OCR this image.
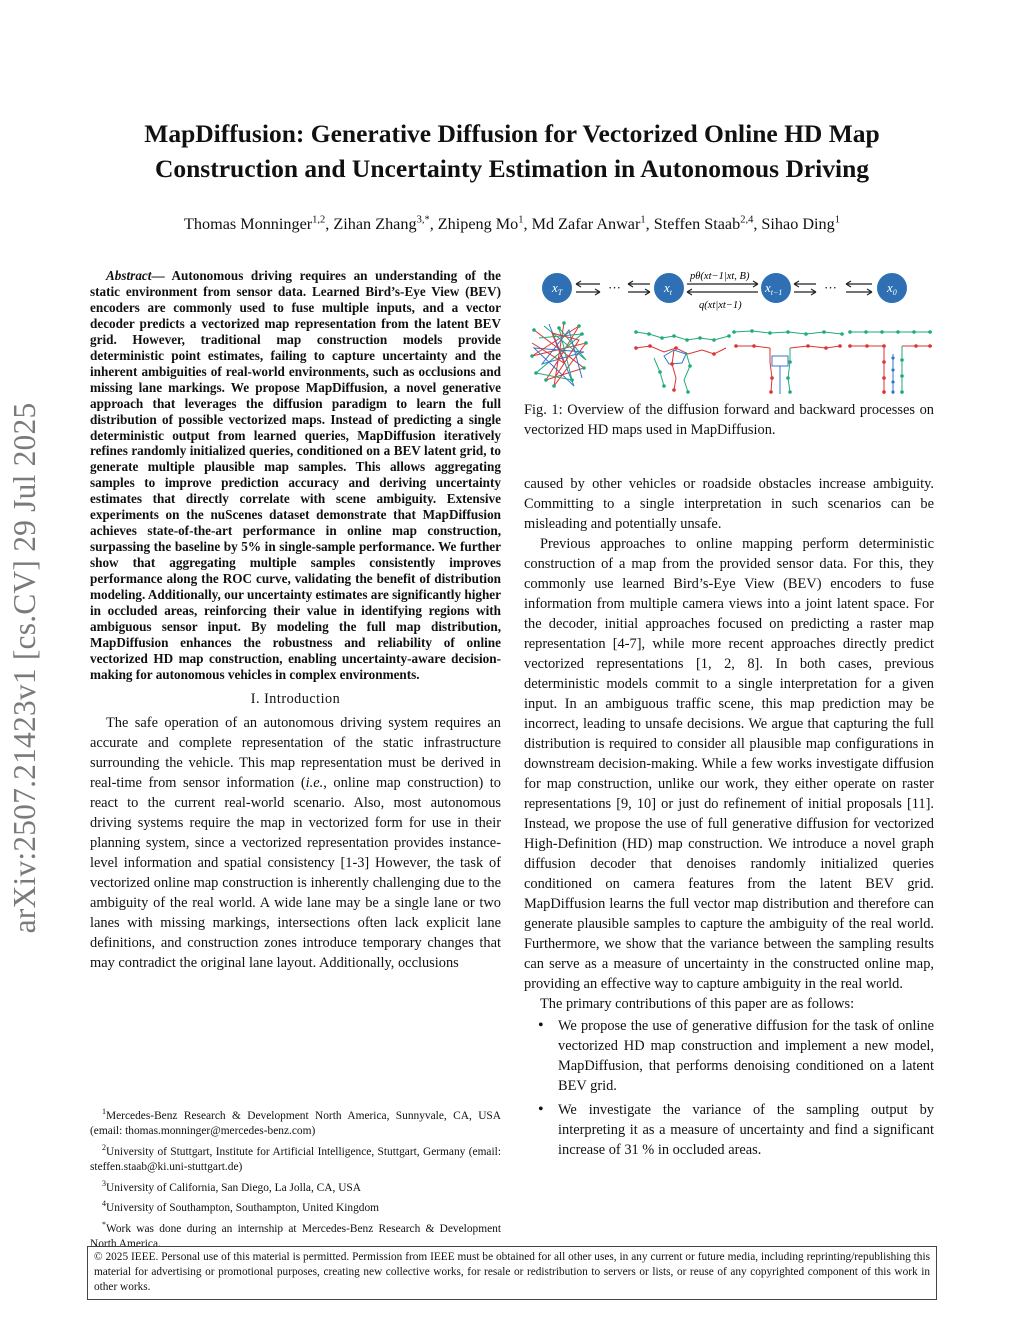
arXiv:2507.21423v1 [cs.CV] 29 Jul 2025
MapDiffusion: Generative Diffusion for Vectorized Online HD Map
Construction and Uncertainty Estimation in Autonomous Driving
Thomas Monninger$^{1,2}$, Zihan Zhang$^{3,*}$, Zhipeng Mo$^1$, Md Zafar Anwar$^1$, Steffen Staab$^{2,4}$, Sihao Ding$^1$

Abstract— Autonomous driving requires an understanding of the static environment from sensor data. Learned Bird’s-Eye View (BEV) encoders are commonly used to fuse multiple inputs, and a vector decoder predicts a vectorized map representation from the latent BEV grid. However, traditional map construction models provide deterministic point estimates, failing to capture uncertainty and the inherent ambiguities of real-world environments, such as occlusions and missing lane markings. We propose MapDiffusion, a novel generative approach that leverages the diffusion paradigm to learn the full distribution of possible vectorized maps. Instead of predicting a single deterministic output from learned queries, MapDiffusion iteratively refines randomly initialized queries, conditioned on a BEV latent grid, to generate multiple plausible map samples. This allows aggregating samples to improve prediction accuracy and deriving uncertainty estimates that directly correlate with scene ambiguity. Extensive experiments on the nuScenes dataset demonstrate that MapDiffusion achieves state-of-the-art performance in online map construction, surpassing the baseline by 5% in single-sample performance. We further show that aggregating multiple samples consistently improves performance along the ROC curve, validating the benefit of distribution modeling. Additionally, our uncertainty estimates are significantly higher in occluded areas, reinforcing their value in identifying regions with ambiguous sensor input. By modeling the full map distribution, MapDiffusion enhances the robustness and reliability of online vectorized HD map construction, enabling uncertainty-aware decision-making for autonomous vehicles in complex environments.

I. Introduction

The safe operation of an autonomous driving system requires an accurate and complete representation of the static infrastructure surrounding the vehicle. This map representation must be derived in real-time from sensor information (i.e., online map construction) to react to the current real-world scenario. Also, most autonomous driving systems require the map in vectorized form for use in their planning system, since a vectorized representation provides instance-level information and spatial consistency [1-3] However, the task of vectorized online map construction is inherently challenging due to the ambiguity of the real world. A wide lane may be a single lane or two lanes with missing markings, intersections often lack explicit lane definitions, and construction zones introduce temporary changes that may contradict the original lane layout. Additionally, occlusions

$^1$Mercedes-Benz Research & Development North America, Sunnyvale, CA, USA (email: thomas.monninger@mercedes-benz.com)

$^2$University of Stuttgart, Institute for Artificial Intelligence, Stuttgart, Germany (email: steffen.staab@ki.uni-stuttgart.de)

$^3$University of California, San Diego, La Jolla, CA, USA

$^4$University of Southampton, Southampton, United Kingdom

*Work was done during an internship at Mercedes-Benz Research & Development North America.

$x_T$	$x_t$	$x_{t-1}$	$x_0$
···	···
pθ(xt−1|xt, B)
q(xt|xt−1)
Fig. 1: Overview of the diffusion forward and backward processes on vectorized HD maps used in MapDiffusion.

caused by other vehicles or roadside obstacles increase ambiguity. Committing to a single interpretation in such scenarios can be misleading and potentially unsafe.

Previous approaches to online mapping perform deterministic construction of a map from the provided sensor data. For this, they commonly use learned Bird’s-Eye View (BEV) encoders to fuse information from multiple camera views into a joint latent space. For the decoder, initial approaches focused on predicting a raster map representation [4-7], while more recent approaches directly predict vectorized representations [1, 2, 8]. In both cases, previous deterministic models commit to a single interpretation for a given input. In an ambiguous traffic scene, this map prediction may be incorrect, leading to unsafe decisions. We argue that capturing the full distribution is required to consider all plausible map configurations in downstream decision-making. While a few works investigate diffusion for map construction, unlike our work, they either operate on raster representations [9, 10] or just do refinement of initial proposals [11]. Instead, we propose the use of full generative diffusion for vectorized High-Definition (HD) map construction. We introduce a novel graph diffusion decoder that denoises randomly initialized queries conditioned on camera features from the latent BEV grid. MapDiffusion learns the full vector map distribution and therefore can generate plausible samples to capture the ambiguity of the real world. Furthermore, we show that the variance between the sampling results can serve as a measure of uncertainty in the constructed online map, providing an effective way to capture ambiguity in the real world.

The primary contributions of this paper are as follows:

• We propose the use of generative diffusion for the task of online vectorized HD map construction and implement a new model, MapDiffusion, that performs denoising conditioned on a latent BEV grid.
• We investigate the variance of the sampling output by interpreting it as a measure of uncertainty and find a significant increase of 31 % in occluded areas.
© 2025 IEEE. Personal use of this material is permitted. Permission from IEEE must be obtained for all other uses, in any current or future media, including reprinting/republishing this material for advertising or promotional purposes, creating new collective works, for resale or redistribution to servers or lists, or reuse of any copyrighted component of this work in other works.
